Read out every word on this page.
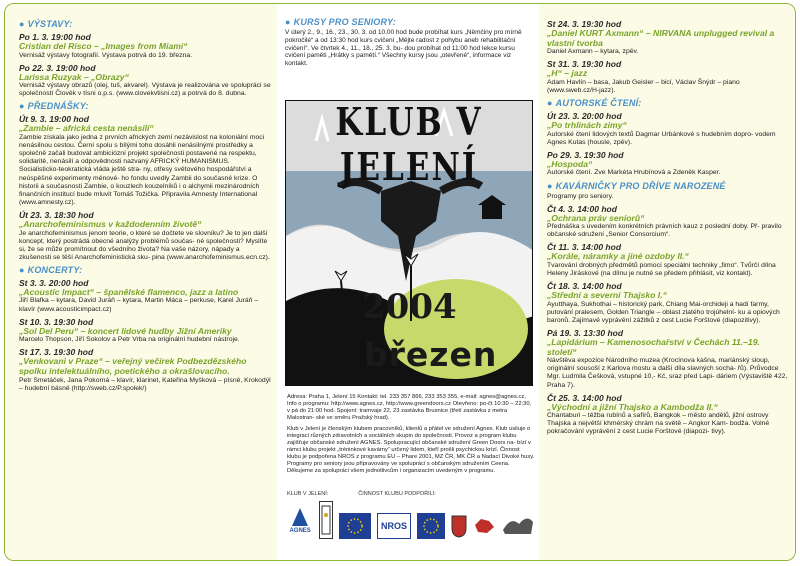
● VÝSTAVY:
Po 1. 3. 19:00 hod
Cristian del Risco – „Images from Miami“
Vernisáž výstavy fotografií. Výstava potrvá do 19. března.
Po 22. 3. 19:00 hod
Larissa Ruzyak – „Obrazy“
Vernisáž výstavy obrazů (olej, tuš, akvarel). Výstava je realizována ve spolupráci se společností Člověk v tísni o.p.s. (www.clovekvtisni.cz) a potrvá do 8. dubna.
● PŘEDNÁŠKY:
Út 9. 3. 19:00 hod
„Zambie – africká cesta nenásilí“
Zambie získala jako jedna z prvních afrických zemí nezávislost na koloniální moci nenásilnou cestou. Černí spolu s bílými toho dosáhli nenásilnými prostředky a společně začali budovat ambiciózní projekt společnosti postavené na respektu, solidaritě, nenásilí a odpovědnosti nazvaný AFRICKÝ HUMANISMUS. Socialisticko-teokratická vláda ještě stra- ny, otřesy světového hospodářství a neúspěšné experimenty měnové- ho fondu uvedly Zambii do současné krize. O historii a současnosti Zambie, o kouzlech kouzelníků i o alchymii mezinárodních finančních institucí bude mluvit Tomáš Tožička. Připravila Amnesty International (www.amnesty.cz).
Út 23. 3. 18:30 hod
„Anarchofeminismus v každodenním životě“
Je anarchofeminismus jenom teorie, o které se dočtete ve slovníku? Je to jen další koncept, který postrádá obecné analýzy problémů součas- né společnosti? Myslíte si, že se může promítnout do všedního života? Na vaše názory, nápady a zkušenosti se těší Anarchofeministická sku- pina (www.anarchofeminismus.ecn.cz).
● KONCERTY:
St 3. 3. 20:00 hod
„Acoustic Impact“ – španělské flamenco, jazz a latino
Jiří Blafka – kytara, David Juráň – kytara, Martin Máca – perkuse, Karel Juráň – klavír (www.acousticimpact.cz)
St 10. 3. 19:30 hod
„Sol Del Peru“ – koncert lidové hudby Jižní Ameriky
Marcelo Thopson, Jiří Sokolov a Petr Vrba na originální hudební nástroje.
St 17. 3. 19:30 hod
„Venkovani v Praze“ – veřejný večírek Podbezdězského spolku intelektuálního, poetického a okrašlovacího.
Petr Smetáček, Jana Pokorná – klavír, klarinet, Kateřina Myšková – písně, Krokodýl – hudební básně (http://sweb.cz/P.spolek/)
● KURSY PRO SENIORY:
V úterý 2., 9., 16., 23., 30. 3. od 10.00 hod bude probíhat kurs „Němčiny pro mírně pokročilé“ a od 13:30 hod kurs cvičení „Mějte radost z pohybu aneb rehabilitační cvičení“. Ve čtvrtek 4., 11., 18., 25. 3. bu- dou probíhat od 11:00 hod lekce kursu cvičení paměti „Hrátky s pamětí.“ Všechny kursy jsou „otevřené“, informace viz kontakt.
KLUB V JELENÍ
2004
březen
Adresa: Praha 1, Jelení 15 Kontakt: tel. 233 357 866, 233 353 355, e-mail: agnes@agnes.cz, Info o programu: http://www.agnes.cz, http://www.greendoors.cz Otevřeno: po-čt 10:30 – 22:30, v pá do 21:00 hod. Spojení: tramvaje 22, 23 zastávka Brusnice (třetí zastávka z metra Malostran- ské ve směru Pražský hrad).
Klub v Jelení je členským klubem pracovníků, klientů a přátel ve sdružení Agnes. Klub usiluje o integraci různých zdravotních a sociálních skupin do společnosti. Provoz a program klubu zajišťuje občanské sdružení AGNES. Spolupracující občanské sdružení Green Doors na- bízí v rámci klubu projekt „tréninkové kavárny“ určený lidem, kteří prošli psychickou krizí. Činnost klubu je podpořena NROS z programu EU – Phare 2001, MZ ČR, MK ČR a Nadací Divoké husy. Programy pro seniory jsou připravovány ve spolupráci s občanským sdružením Ceena. Děkujeme za spolupráci všem jednotlivcům i organizacím uvedeným v programu.
KLUB V JELENÍ:	ČINNOST KLUBU PODPOŘILI:
AGNES	NROS
St 24. 3. 19:30 hod
„Daniel KURT Axmann“ – NIRVANA unplugged revival a vlastní tvorba
Daniel Axmann – kytara, zpěv.
St 31. 3. 19:30 hod
„H“ – jazz
Adam Havlín – basa, Jakub Geisler – bicí, Václav Šnýdr – piano (www.sweb.cz/H-jazz).
● AUTORSKÉ ČTENÍ:
Út 23. 3. 20:00 hod
„Po trhlinách zimy“
Autorské čtení lidových textů Dagmar Urbánkové s hudebním dopro- vodem Agnes Kutas (housle, zpěv).
Po 29. 3. 19:30 hod
„Hospoda“
Autorské čtení. Zve Markéta Hrubínová a Zdeněk Kasper.
● KAVÁRNIČKY PRO DŘÍVE NAROZENÉ
Programy pro seniory.
Čt 4. 3. 14:00 hod
„Ochrana práv seniorů“
Přednáška s uvedením konkrétních právních kauz z poslední doby. Př- pravilo občanské sdružení „Senior Consorcium“.
Čt 11. 3. 14:00 hod
„Korále, náramky a jiné ozdoby II.“
Tvarování drobných předmětů pomocí speciální techniky „fimo“. Tvůrčí dílna Heleny Jiráskové (na dílnu je nutné se předem přihlásit, viz kontakt).
Čt 18. 3. 14:00 hod
„Střední a severní Thajsko I.“
Ayutthaya, Sukhothai – historický park, Chiang Mai-orchideji a hadí farmy, putování pralesem, Golden Triangle – oblast zlatého trojúhelní- ku a opiových baronů. Zajímavé vyprávění zážitků z cest Lucie Forštové (diapozitivy).
Pá 19. 3. 13:30 hod
„Lapidárium – Kamenosochařství v Čechách 11.–19. století“
Návštěva expozice Národního muzea (Krocínova kašna, mariánský sloup, originální sousoší z Karlova mostu a další díla slavných socha- řů). Průvodce Mgr. Ludmila Češková, vstupné 10,- Kč, sraz před Lapi- dáriem (Výstaviště 422, Praha 7).
Čt 25. 3. 14:00 hod
„Východní a jižní Thajsko a Kambodža II.“
Chantaburi – těžba rubínů a safírů, Bangkok – město andělů, jižní ostrovy Thajska a největší khmérský chrám na světě – Angkor Kam- bodža. Volné pokračování vyprávění z cest Lucie Forštové (diapozi- tivy).
